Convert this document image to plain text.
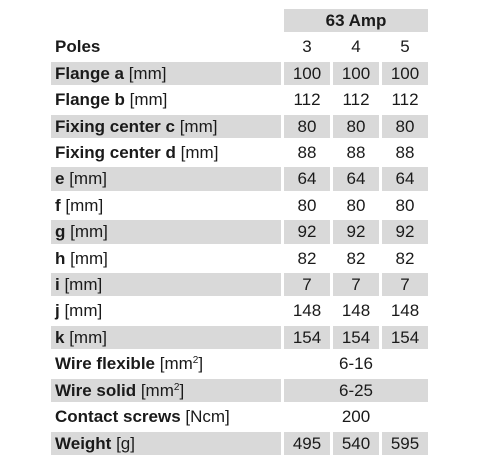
	63 Amp		
Poles	3	4	5
Flange a [mm]	100	100	100
Flange b [mm]	112	112	112
Fixing center c [mm]	80	80	80
Fixing center d [mm]	88	88	88
e [mm]	64	64	64
f [mm]	80	80	80
g [mm]	92	92	92
h [mm]	82	82	82
i [mm]	7	7	7
j [mm]	148	148	148
k [mm]	154	154	154
Wire flexible $[mm^2]$	6-16		
Wire solid $[mm^2]$	6-25		
Contact screws [Ncm]	200		
Weight [g]	495	540	595
